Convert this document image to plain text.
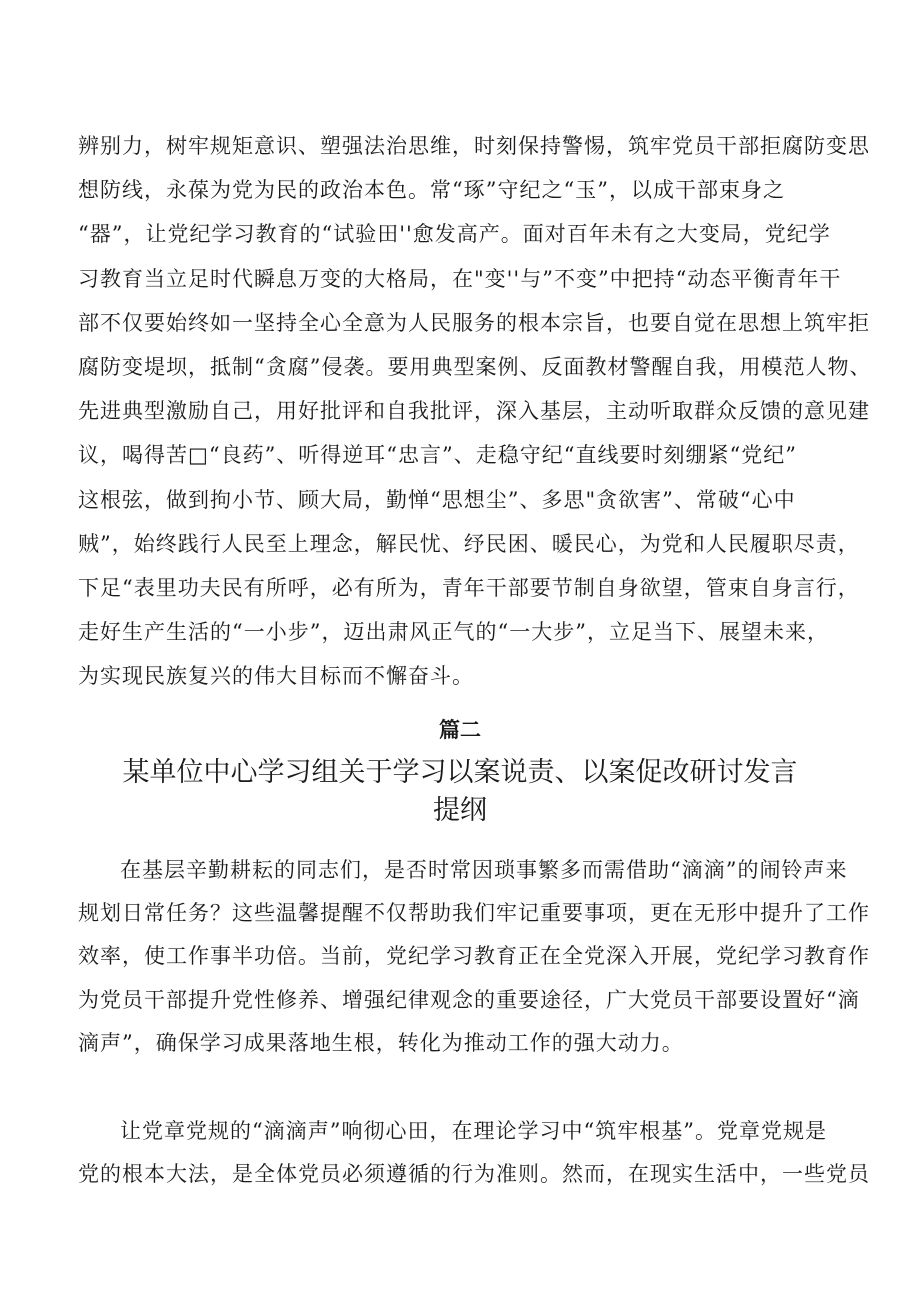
辨别力，树牢规矩意识、塑强法治思维，时刻保持警惕，筑牢党员干部拒腐防变思
想防线，永葆为党为民的政治本色。常“琢”守纪之“玉”，以成干部束身之
“器”，让党纪学习教育的“试验田''愈发高产。面对百年未有之大变局，党纪学
习教育当立足时代瞬息万变的大格局，在"变''与”不变”中把持“动态平衡青年干
部不仅要始终如一坚持全心全意为人民服务的根本宗旨，也要自觉在思想上筑牢拒
腐防变堤坝，抵制“贪腐”侵袭。要用典型案例、反面教材警醒自我，用模范人物、
先进典型激励自己，用好批评和自我批评，深入基层，主动听取群众反馈的意见建
议，喝得苦□“良药”、听得逆耳“忠言”、走稳守纪“直线要时刻绷紧“党纪”
这根弦，做到拘小节、顾大局，勤惮“思想尘”、多思"贪欲害”、常破“心中
贼”，始终践行人民至上理念，解民忧、纾民困、暖民心，为党和人民履职尽责，
下足“表里功夫民有所呼，必有所为，青年干部要节制自身欲望，管束自身言行，
走好生产生活的“一小步”，迈出肃风正气的“一大步”，立足当下、展望未来，
为实现民族复兴的伟大目标而不懈奋斗。
篇二
某单位中心学习组关于学习以案说责、以案促改研讨发言
提纲
在基层辛勤耕耘的同志们，是否时常因琐事繁多而需借助“滴滴”的闹铃声来
规划日常任务？这些温馨提醒不仅帮助我们牢记重要事项，更在无形中提升了工作
效率，使工作事半功倍。当前，党纪学习教育正在全党深入开展，党纪学习教育作
为党员干部提升党性修养、增强纪律观念的重要途径，广大党员干部要设置好“滴
滴声”，确保学习成果落地生根，转化为推动工作的强大动力。
让党章党规的“滴滴声”响彻心田，在理论学习中“筑牢根基”。党章党规是
党的根本大法，是全体党员必须遵循的行为准则。然而，在现实生活中，一些党员
